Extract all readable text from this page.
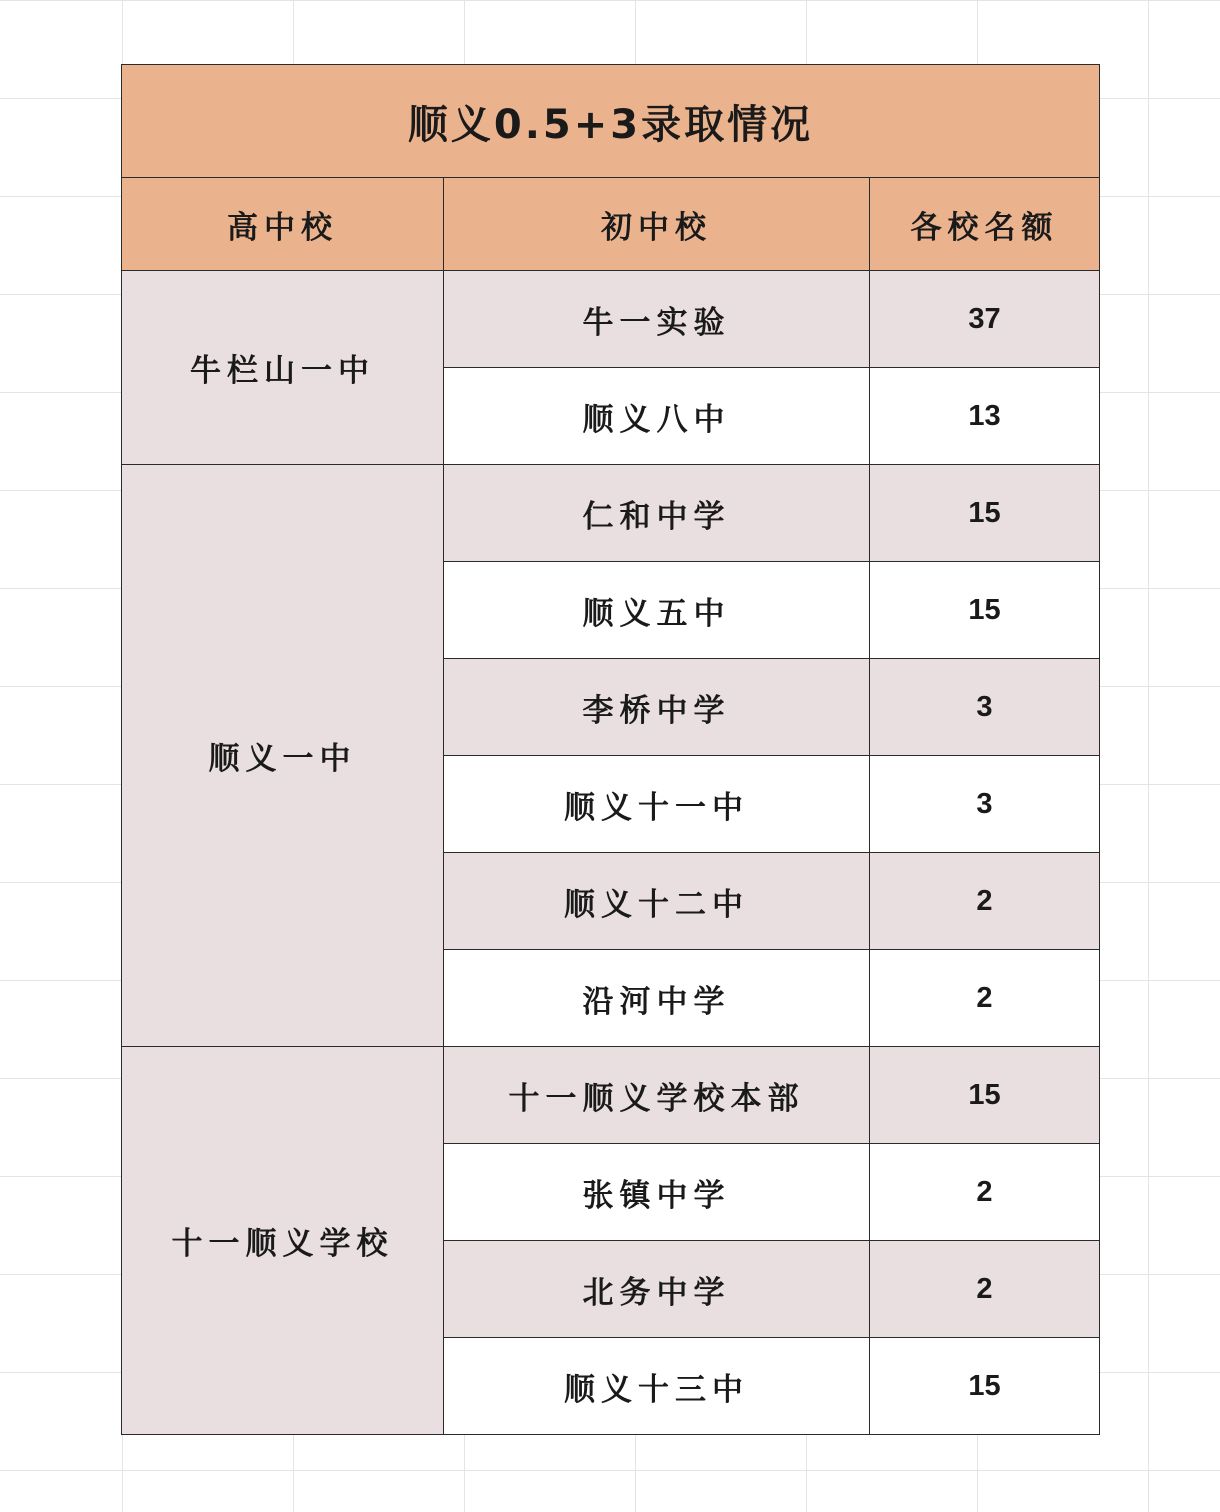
顺义0.5+3录取情况		
高中校	初中校	各校名额
牛栏山一中	牛一实验	37
	顺义八中	13
顺义一中	仁和中学	15
	顺义五中	15
	李桥中学	3
	顺义十一中	3
	顺义十二中	2
	沿河中学	2
十一顺义学校	十一顺义学校本部	15
	张镇中学	2
	北务中学	2
	顺义十三中	15
